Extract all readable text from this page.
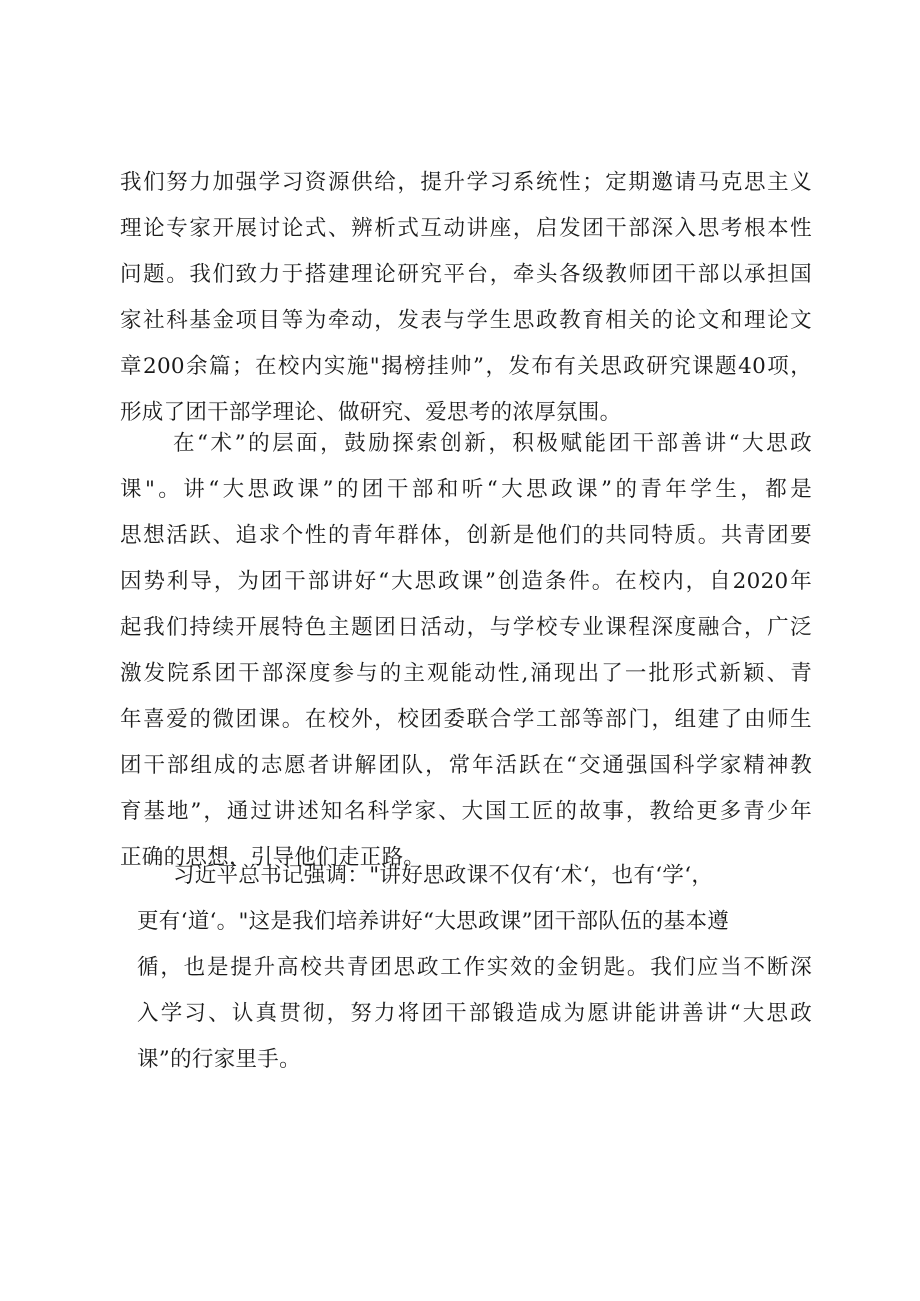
我们努力加强学习资源供给，提升学习系统性；定期邀请马克思主义
理论专家开展讨论式、辨析式互动讲座，启发团干部深入思考根本性
问题。我们致力于搭建理论研究平台，牵头各级教师团干部以承担国
家社科基金项目等为牵动，发表与学生思政教育相关的论文和理论文
章200余篇；在校内实施"揭榜挂帅”，发布有关思政研究课题40项，
形成了团干部学理论、做研究、爱思考的浓厚氛围。
在“术”的层面，鼓励探索创新，积极赋能团干部善讲“大思政
课"。讲“大思政课”的团干部和听“大思政课”的青年学生，都是
思想活跃、追求个性的青年群体，创新是他们的共同特质。共青团要
因势利导，为团干部讲好“大思政课”创造条件。在校内，自2020年
起我们持续开展特色主题团日活动，与学校专业课程深度融合，广泛
激发院系团干部深度参与的主观能动性,涌现出了一批形式新颖、青
年喜爱的微团课。在校外，校团委联合学工部等部门，组建了由师生
团干部组成的志愿者讲解团队，常年活跃在“交通强国科学家精神教
育基地”，通过讲述知名科学家、大国工匠的故事，教给更多青少年
正确的思想，引导他们走正路。
习近平总书记强调："讲好思政课不仅有‘术‘，也有‘学‘，
更有‘道‘。"这是我们培养讲好“大思政课”团干部队伍的基本遵
循，也是提升高校共青团思政工作实效的金钥匙。我们应当不断深
入学习、认真贯彻，努力将团干部锻造成为愿讲能讲善讲“大思政
课”的行家里手。
